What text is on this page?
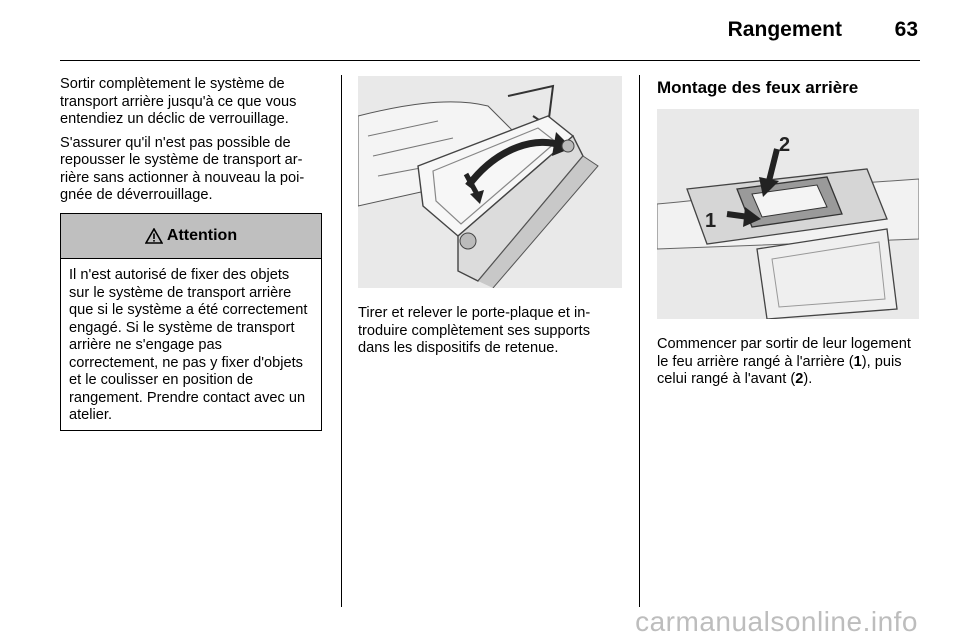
Rangement	63

Sortir complètement le système de transport arrière jusqu'à ce que vous entendiez un déclic de verrouillage.

S'assurer qu'il n'est pas possible de repousser le système de transport arrière sans actionner à nouveau la poignée de déverrouillage.

Attention
Il n'est autorisé de fixer des objets sur le système de transport arrière que si le système a été correctement engagé. Si le système de transport arrière ne s'engage pas correctement, ne pas y fixer d'objets et le coulisser en position de rangement. Prendre contact avec un atelier.

Tirer et relever le porte-plaque et introduire complètement ses supports dans les dispositifs de retenue.

Montage des feux arrière
2
1

Commencer par sortir de leur logement le feu arrière rangé à l'arrière (1), puis celui rangé à l'avant (2).

carmanualsonline.info
